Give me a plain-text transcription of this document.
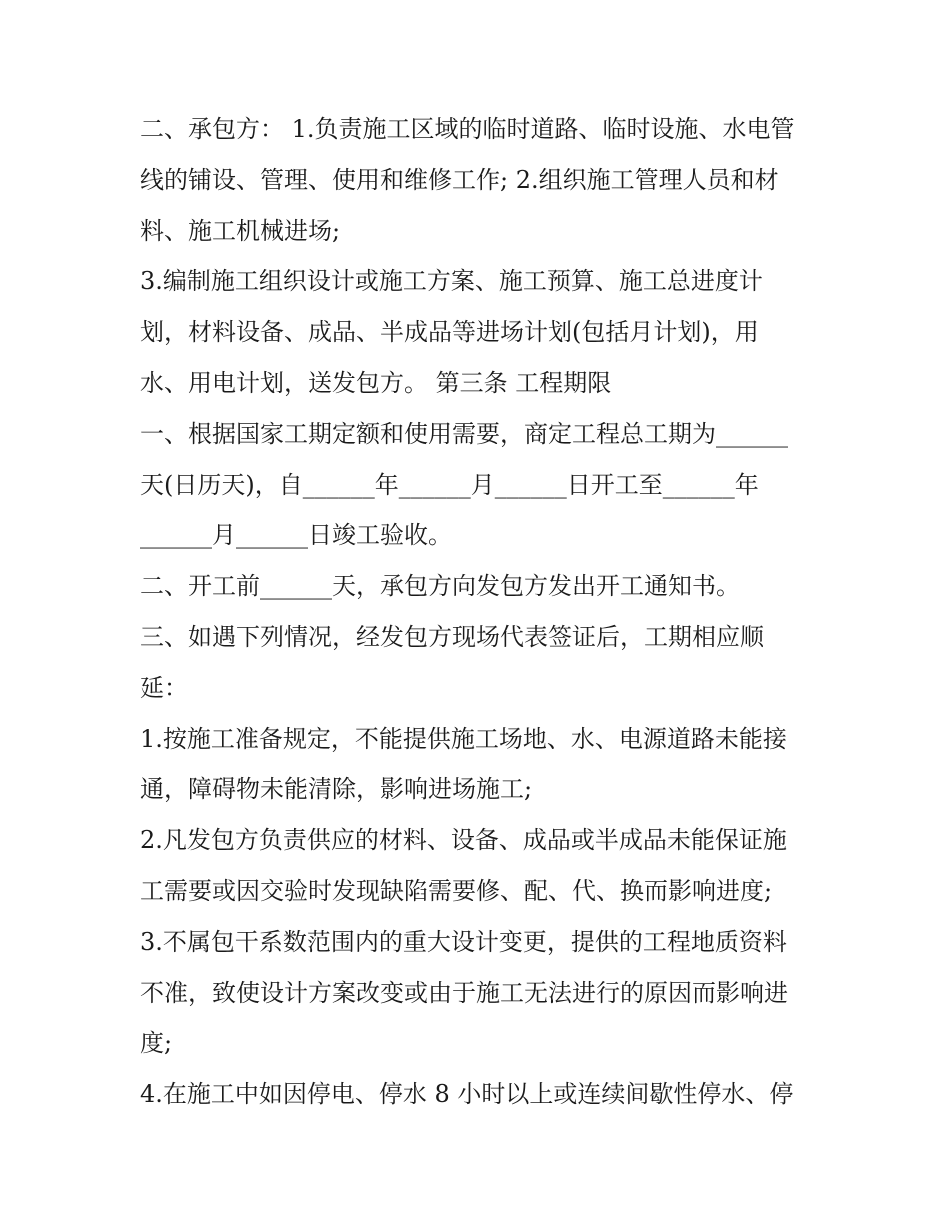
二、承包方： 1.负责施工区域的临时道路、临时设施、水电管
线的铺设、管理、使用和维修工作; 2.组织施工管理人员和材
料、施工机械进场;
3.编制施工组织设计或施工方案、施工预算、施工总进度计
划，材料设备、成品、半成品等进场计划(包括月计划)，用
水、用电计划，送发包方。 第三条 工程期限
一、根据国家工期定额和使用需要，商定工程总工期为______
天(日历天)，自______年______月______日开工至______年
______月______日竣工验收。
二、开工前______天，承包方向发包方发出开工通知书。
三、如遇下列情况，经发包方现场代表签证后，工期相应顺
延：
1.按施工准备规定，不能提供施工场地、水、电源道路未能接
通，障碍物未能清除，影响进场施工;
2.凡发包方负责供应的材料、设备、成品或半成品未能保证施
工需要或因交验时发现缺陷需要修、配、代、换而影响进度;
3.不属包干系数范围内的重大设计变更，提供的工程地质资料
不准，致使设计方案改变或由于施工无法进行的原因而影响进
度;
4.在施工中如因停电、停水 8 小时以上或连续间歇性停水、停
